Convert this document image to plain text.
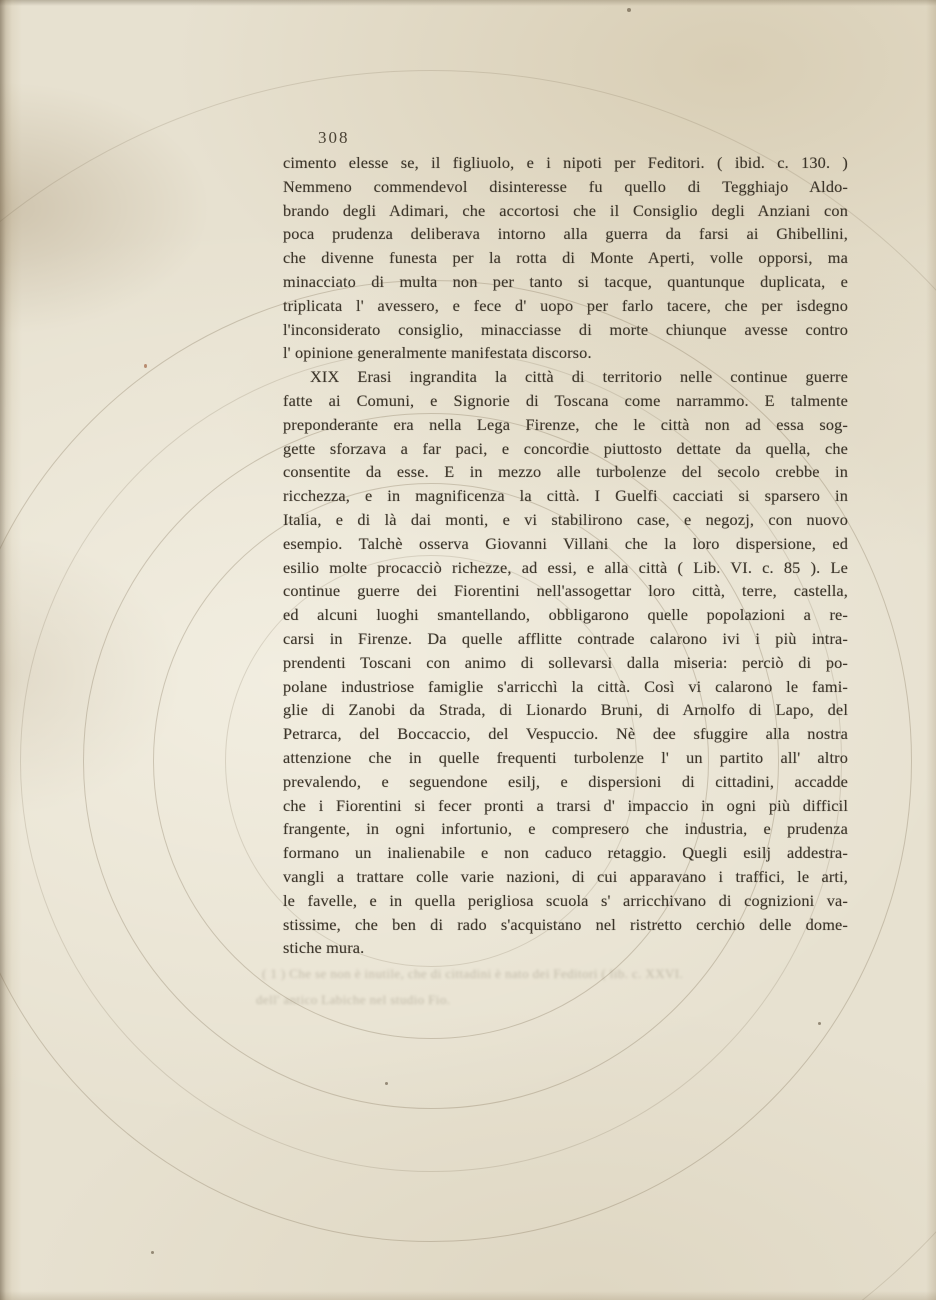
308
cimento elesse se, il figliuolo, e i nipoti per Feditori. ( ibid. c. 130. )
Nemmeno commendevol disinteresse fu quello di Tegghiajo Aldo-
brando degli Adimari, che accortosi che il Consiglio degli Anziani con
poca prudenza deliberava intorno alla guerra da farsi ai Ghibellini,
che divenne funesta per la rotta di Monte Aperti, volle opporsi, ma
minacciato di multa non per tanto si tacque, quantunque duplicata, e
triplicata l' avessero, e fece d' uopo per farlo tacere, che per isdegno
l'inconsiderato consiglio, minacciasse di morte chiunque avesse contro
l' opinione generalmente manifestata discorso.
XIX Erasi ingrandita la città di territorio nelle continue guerre
fatte ai Comuni, e Signorie di Toscana come narrammo. E talmente
preponderante era nella Lega Firenze, che le città non ad essa sog-
gette sforzava a far paci, e concordie piuttosto dettate da quella, che
consentite da esse. E in mezzo alle turbolenze del secolo crebbe in
ricchezza, e in magnificenza la città. I Guelfi cacciati si sparsero in
Italia, e di là dai monti, e vi stabilirono case, e negozj, con nuovo
esempio. Talchè osserva Giovanni Villani che la loro dispersione, ed
esilio molte procacciò richezze, ad essi, e alla città ( Lib. VI. c. 85 ). Le
continue guerre dei Fiorentini nell'assogettar loro città, terre, castella,
ed alcuni luoghi smantellando, obbligarono quelle popolazioni a re-
carsi in Firenze. Da quelle afflitte contrade calarono ivi i più intra-
prendenti Toscani con animo di sollevarsi dalla miseria: perciò di po-
polane industriose famiglie s'arricchì la città. Così vi calarono le fami-
glie di Zanobi da Strada, di Lionardo Bruni, di Arnolfo di Lapo, del
Petrarca, del Boccaccio, del Vespuccio. Nè dee sfuggire alla nostra
attenzione che in quelle frequenti turbolenze l' un partito all' altro
prevalendo, e seguendone esilj, e dispersioni di cittadini, accadde
che i Fiorentini si fecer pronti a trarsi d' impaccio in ogni più difficil
frangente, in ogni infortunio, e compresero che industria, e prudenza
formano un inalienabile e non caduco retaggio. Quegli esilj addestra-
vangli a trattare colle varie nazioni, di cui apparavano i traffici, le arti,
le favelle, e in quella perigliosa scuola s' arricchivano di cognizioni va-
stissime, che ben di rado s'acquistano nel ristretto cerchio delle dome-
stiche mura.
( 1 ) Che se non è inutile, che di cittadini è nato dei Feditori ( lib. c. XXVI.
dell' antico Labiche nel studio Fio.
